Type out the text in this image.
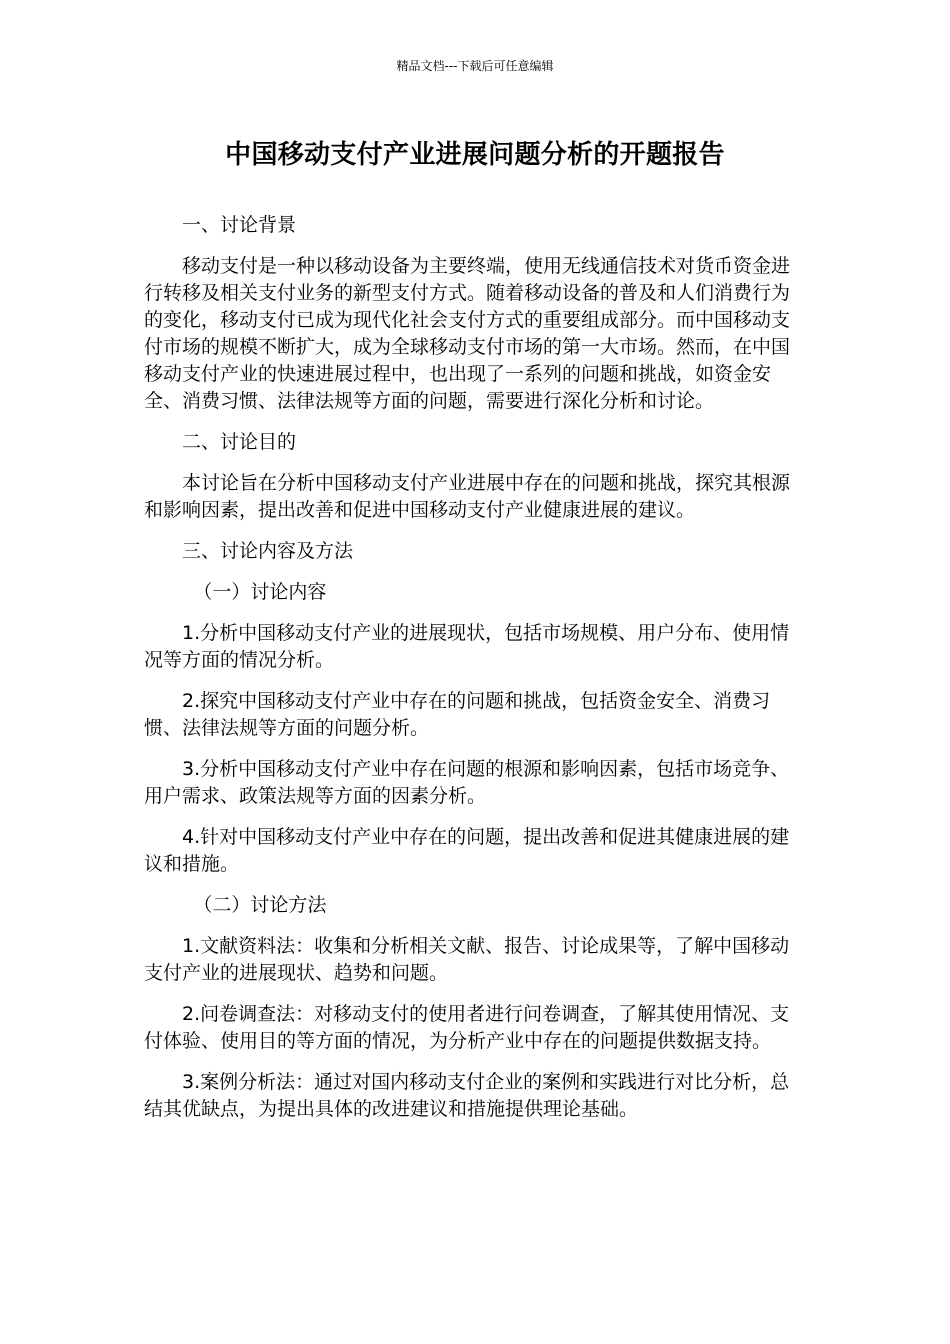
精品文档---下载后可任意编辑
中国移动支付产业进展问题分析的开题报告

一、讨论背景

移动支付是一种以移动设备为主要终端，使用无线通信技术对货币资金进行转移及相关支付业务的新型支付方式。随着移动设备的普及和人们消费行为的变化，移动支付已成为现代化社会支付方式的重要组成部分。而中国移动支付市场的规模不断扩大，成为全球移动支付市场的第一大市场。然而，在中国移动支付产业的快速进展过程中，也出现了一系列的问题和挑战，如资金安全、消费习惯、法律法规等方面的问题，需要进行深化分析和讨论。

二、讨论目的

本讨论旨在分析中国移动支付产业进展中存在的问题和挑战，探究其根源和影响因素，提出改善和促进中国移动支付产业健康进展的建议。

三、讨论内容及方法

（一）讨论内容

1.分析中国移动支付产业的进展现状，包括市场规模、用户分布、使用情况等方面的情况分析。

2.探究中国移动支付产业中存在的问题和挑战，包括资金安全、消费习惯、法律法规等方面的问题分析。

3.分析中国移动支付产业中存在问题的根源和影响因素，包括市场竞争、用户需求、政策法规等方面的因素分析。

4.针对中国移动支付产业中存在的问题，提出改善和促进其健康进展的建议和措施。

（二）讨论方法

1.文献资料法：收集和分析相关文献、报告、讨论成果等，了解中国移动支付产业的进展现状、趋势和问题。

2.问卷调查法：对移动支付的使用者进行问卷调查，了解其使用情况、支付体验、使用目的等方面的情况，为分析产业中存在的问题提供数据支持。

3.案例分析法：通过对国内移动支付企业的案例和实践进行对比分析，总结其优缺点，为提出具体的改进建议和措施提供理论基础。
